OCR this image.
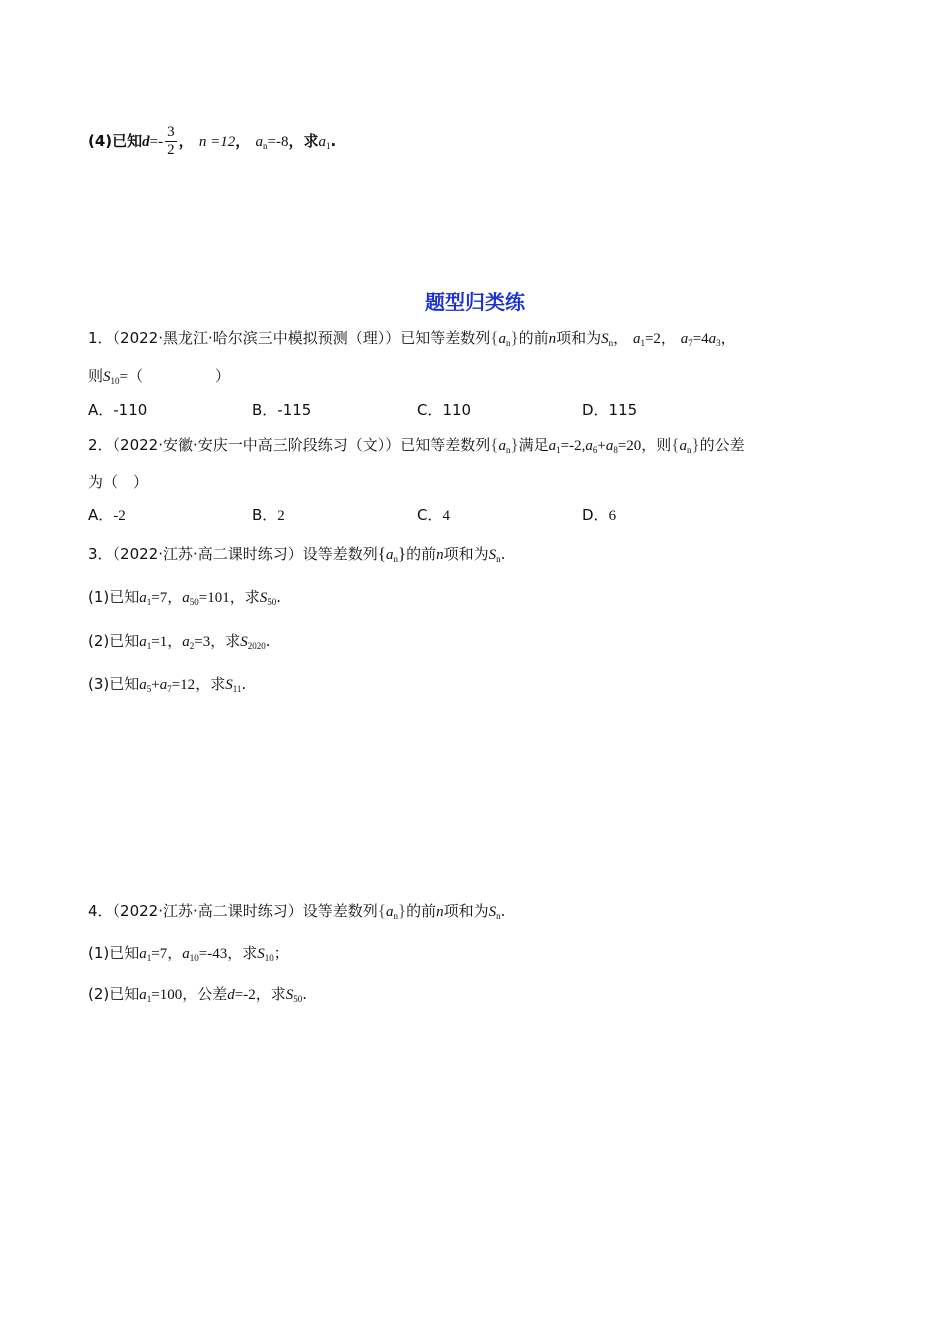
(4)已知$d=- \frac{3}{2}$ ， n =12， $a_n=-8$，求$a_1$.
题型归类练
1．（2022·黑龙江·哈尔滨三中模拟预测（理））已知等差数列$\{a_n\}$的前n项和为$S_n$， $a_1=2$， $a_7=4a_3$，
则$S_{10}=$（	）
A．-110	B．-115	C．110	D．115
2．（2022·安徽·安庆一中高三阶段练习（文））已知等差数列$\{a_n\}$满足$a_1=-2,a_6+a_8=20$，则$\{a_n\}$的公差
为（　）
A．-2	B．2	C．4	D．6
3．（2022·江苏·高二课时练习）设等差数列$\{a_n\}$的前n项和为$S_n$.
(1)已知$a_1=7$，$a_{50}=101$，求$S_{50}$.
(2)已知$a_1=1$，$a_2=3$，求$S_{2020}$.
(3)已知$a_5+a_7=12$，求$S_{11}$.
4．（2022·江苏·高二课时练习）设等差数列$\{a_n\}$的前n项和为$S_n$.
(1)已知$a_1=7$，$a_{10}=-43$，求$S_{10}$；
(2)已知$a_1=100$，公差d=-2，求$S_{50}$.
